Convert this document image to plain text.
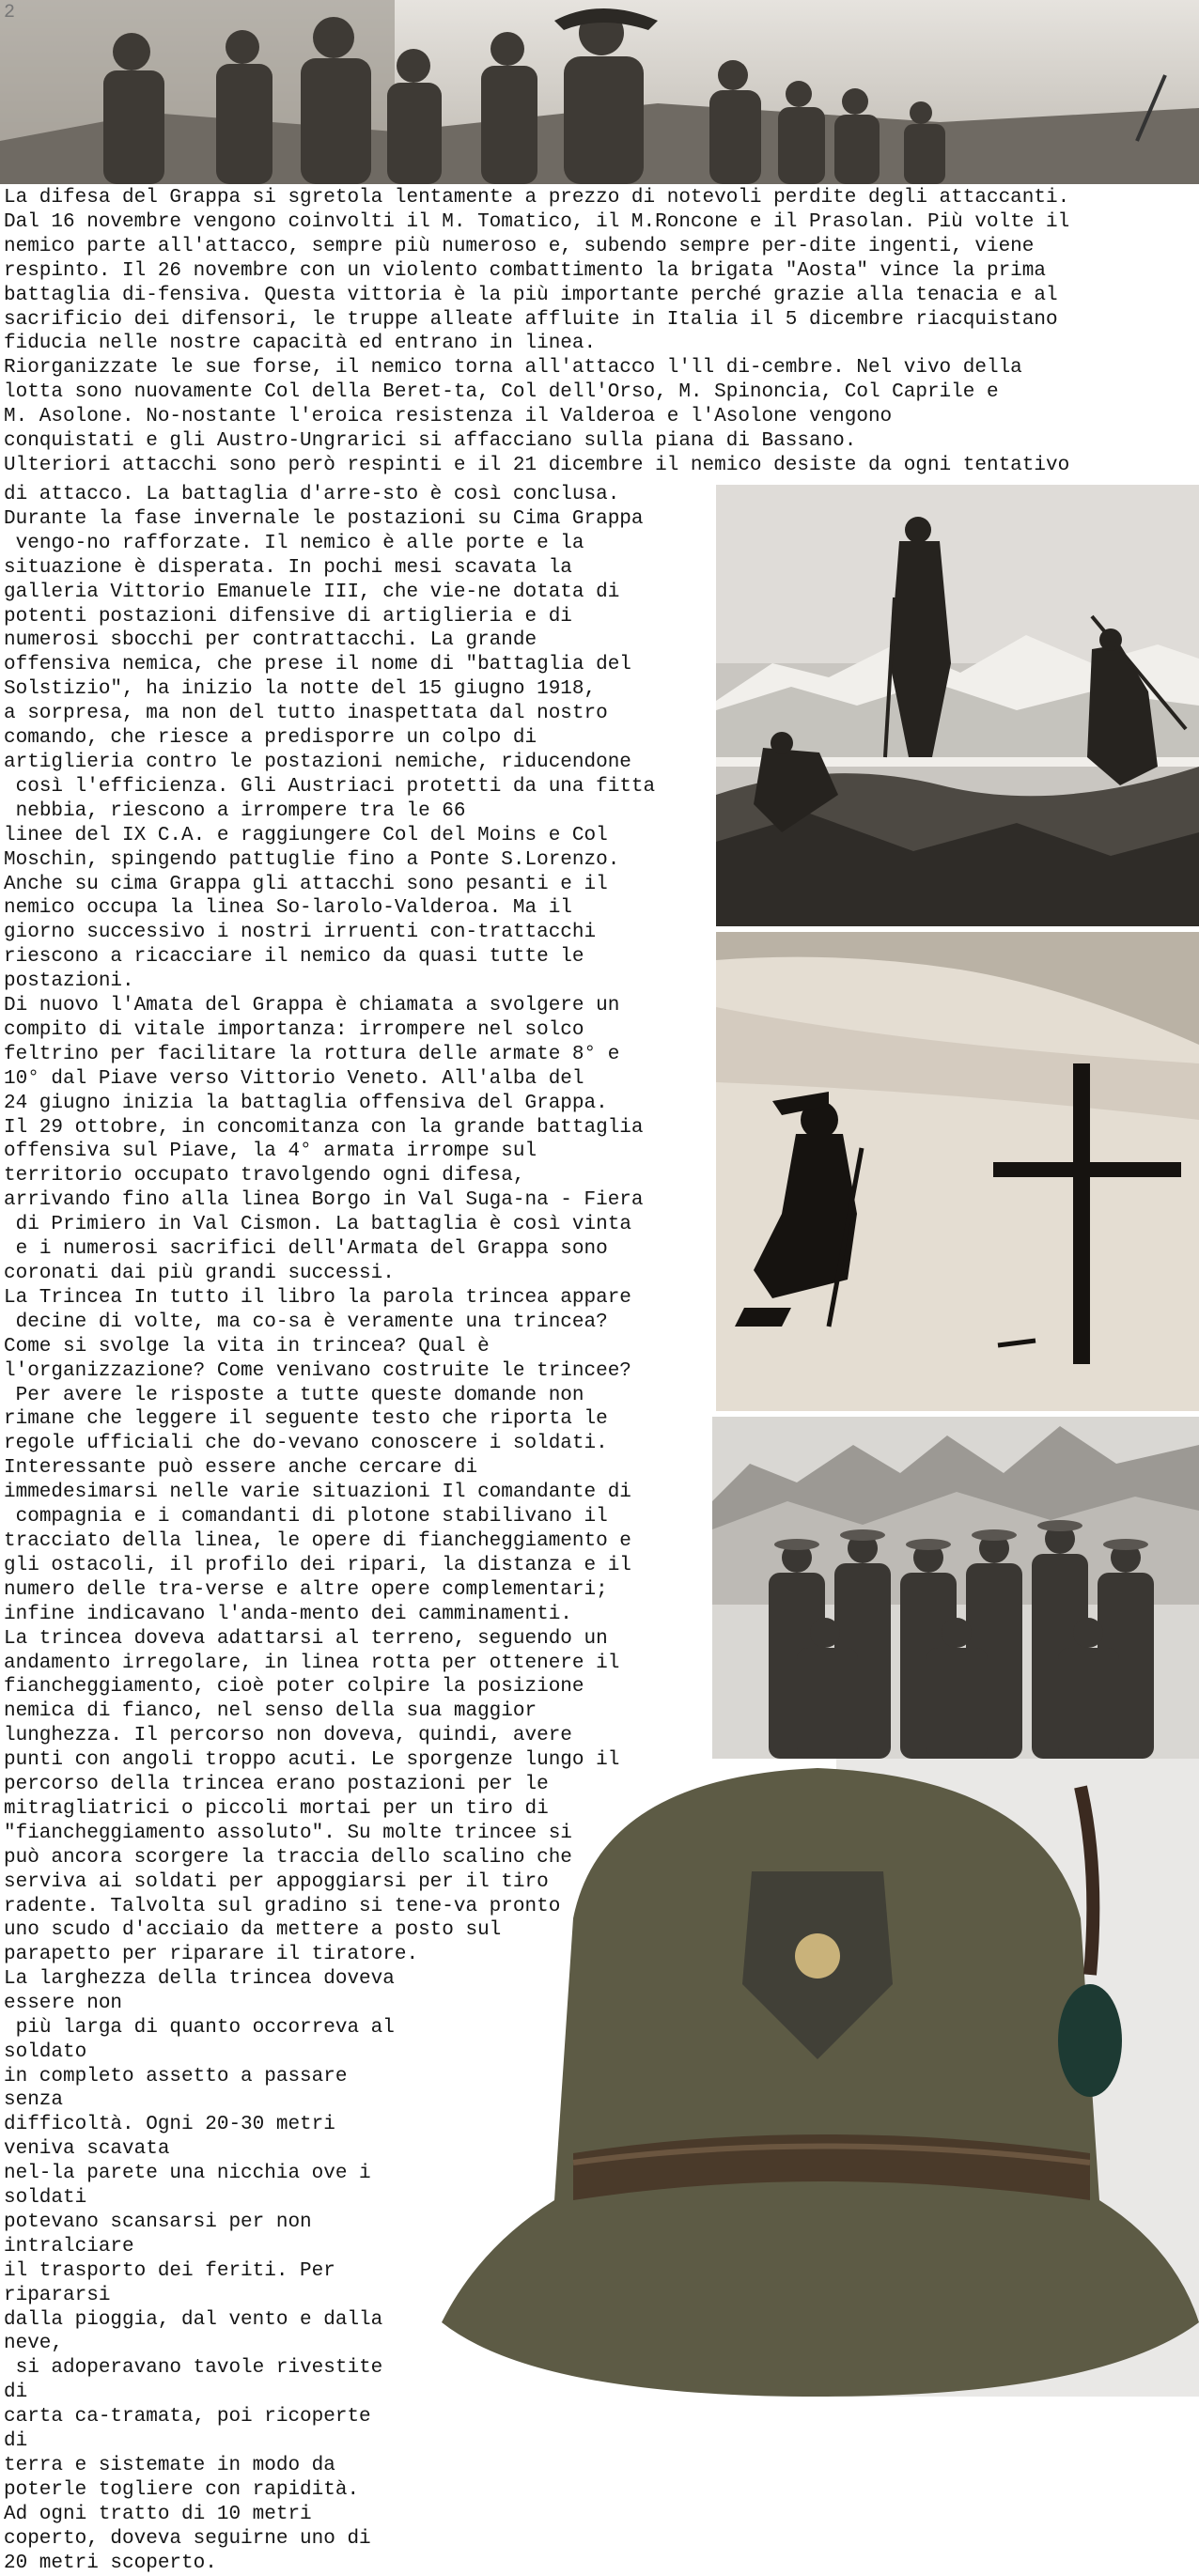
2
La difesa del Grappa si sgretola lentamente a prezzo di notevoli perdite degli attaccanti.
Dal 16 novembre vengono coinvolti il M. Tomatico, il M.Roncone e il Prasolan. Più volte il
nemico parte all'attacco, sempre più numeroso e, subendo sempre per-dite ingenti, viene
respinto. Il 26 novembre con un violento combattimento la brigata "Aosta" vince la prima
battaglia di-fensiva. Questa vittoria è la più importante perché grazie alla tenacia e al
sacrificio dei difensori, le truppe alleate affluite in Italia il 5 dicembre riacquistano
fiducia nelle nostre capacità ed entrano in linea.
Riorganizzate le sue forse, il nemico torna all'attacco l'll di-cembre. Nel vivo della
lotta sono nuovamente Col della Beret-ta, Col dell'Orso, M. Spinoncia, Col Caprile e
M. Asolone. No-nostante l'eroica resistenza il Valderoa e l'Asolone vengono
conquistati e gli Austro-Ungrarici si affacciano sulla piana di Bassano.
Ulteriori attacchi sono però respinti e il 21 dicembre il nemico desiste da ogni tentativo
di attacco. La battaglia d'arre-sto è così conclusa.
Durante la fase invernale le postazioni su Cima Grappa
vengo-no rafforzate. Il nemico è alle porte e la
situazione è disperata. In pochi mesi scavata la
galleria Vittorio Emanuele III, che vie-ne dotata di
potenti postazioni difensive di artiglieria e di
numerosi sbocchi per contrattacchi. La grande
offensiva nemica, che prese il nome di "battaglia del
Solstizio", ha inizio la notte del 15 giugno 1918,
a sorpresa, ma non del tutto inaspettata dal nostro
comando, che riesce a predisporre un colpo di
artiglieria contro le postazioni nemiche, riducendone
così l'efficienza. Gli Austriaci protetti da una fitta
nebbia, riescono a irrompere tra le 66
linee del IX C.A. e raggiungere Col del Moins e Col
Moschin, spingendo pattuglie fino a Ponte S.Lorenzo.
Anche su cima Grappa gli attacchi sono pesanti e il
nemico occupa la linea So-larolo-Valderoa. Ma il
giorno successivo i nostri irruenti con-trattacchi
riescono a ricacciare il nemico da quasi tutte le
postazioni.
Di nuovo l'Amata del Grappa è chiamata a svolgere un
compito di vitale importanza: irrompere nel solco
feltrino per facilitare la rottura delle armate 8° e
10° dal Piave verso Vittorio Veneto. All'alba del
24 giugno inizia la battaglia offensiva del Grappa.
Il 29 ottobre, in concomitanza con la grande battaglia
offensiva sul Piave, la 4° armata irrompe sul
territorio occupato travolgendo ogni difesa,
arrivando fino alla linea Borgo in Val Suga-na - Fiera
di Primiero in Val Cismon. La battaglia è così vinta
e i numerosi sacrifici dell'Armata del Grappa sono
coronati dai più grandi successi.
La Trincea In tutto il libro la parola trincea appare
decine di volte, ma co-sa è veramente una trincea?
Come si svolge la vita in trincea? Qual è
l'organizzazione? Come venivano costruite le trincee?
Per avere le risposte a tutte queste domande non
rimane che leggere il seguente testo che riporta le
regole ufficiali che do-vevano conoscere i soldati.
Interessante può essere anche cercare di
immedesimarsi nelle varie situazioni Il comandante di
compagnia e i comandanti di plotone stabilivano il
tracciato della linea, le opere di fiancheggiamento e
gli ostacoli, il profilo dei ripari, la distanza e il
numero delle tra-verse e altre opere complementari;
infine indicavano l'anda-mento dei camminamenti.
La trincea doveva adattarsi al terreno, seguendo un
andamento irregolare, in linea rotta per ottenere il
fiancheggiamento, cioè poter colpire la posizione
nemica di fianco, nel senso della sua maggior
lunghezza. Il percorso non doveva, quindi, avere
punti con angoli troppo acuti. Le sporgenze lungo il
percorso della trincea erano postazioni per le
mitragliatrici o piccoli mortai per un tiro di
"fiancheggiamento assoluto". Su molte trincee si
può ancora scorgere la traccia dello scalino che
serviva ai soldati per appoggiarsi per il tiro
radente. Talvolta sul gradino si tene-va pronto
uno scudo d'acciaio da mettere a posto sul
parapetto per riparare il tiratore.
La larghezza della trincea doveva essere non
più larga di quanto occorreva al soldato
in completo assetto a passare senza
difficoltà. Ogni 20-30 metri veniva scavata
nel-la parete una nicchia ove i soldati
potevano scansarsi per non intralciare
il trasporto dei feriti. Per ripararsi
dalla pioggia, dal vento e dalla neve,
si adoperavano tavole rivestite di
carta ca-tramata, poi ricoperte di
terra e sistemate in modo da
poterle togliere con rapidità.
Ad ogni tratto di 10 metri
coperto, doveva seguirne uno di
20 metri scoperto.
